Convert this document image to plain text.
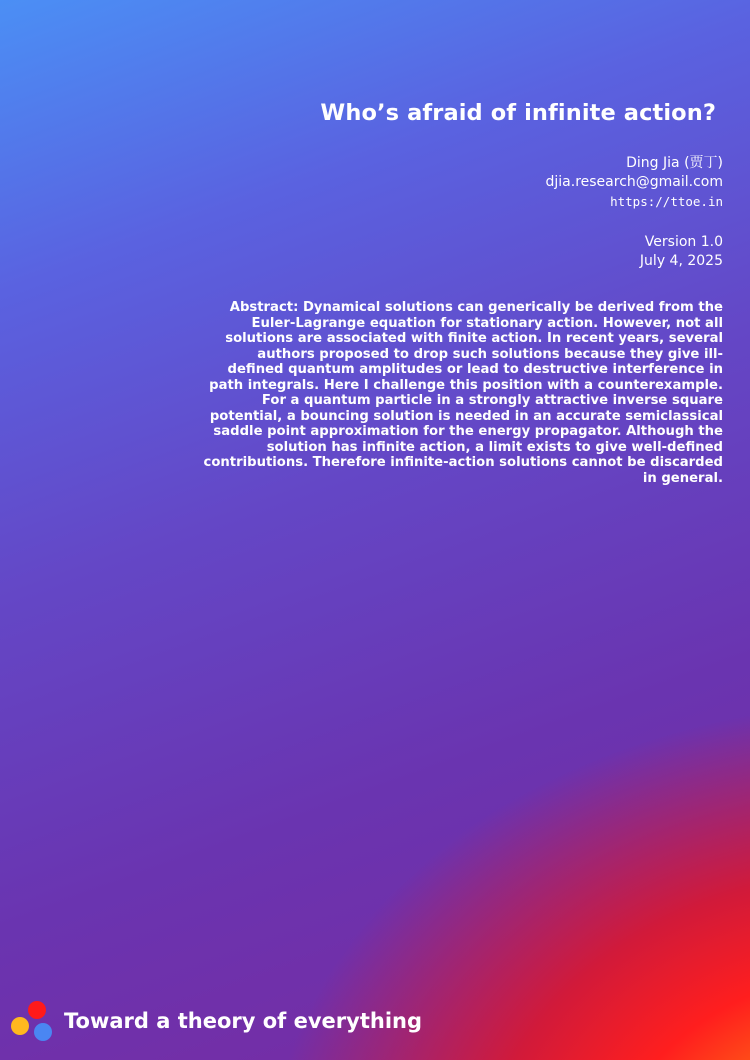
Who’s afraid of infinite action?
Ding Jia (贾丁)
djia.research@gmail.com
https://ttoe.in
Version 1.0
July 4, 2025
Abstract: Dynamical solutions can generically be derived from the Euler-Lagrange equation for stationary action. However, not all solutions are associated with finite action. In recent years, several authors proposed to drop such solutions because they give ill-defined quantum amplitudes or lead to destructive interference in path integrals. Here I challenge this position with a counterexample. For a quantum particle in a strongly attractive inverse square potential, a bouncing solution is needed in an accurate semiclassical saddle point approximation for the energy propagator. Although the solution has infinite action, a limit exists to give well-defined contributions. Therefore infinite-action solutions cannot be discarded in general.
Toward a theory of everything
